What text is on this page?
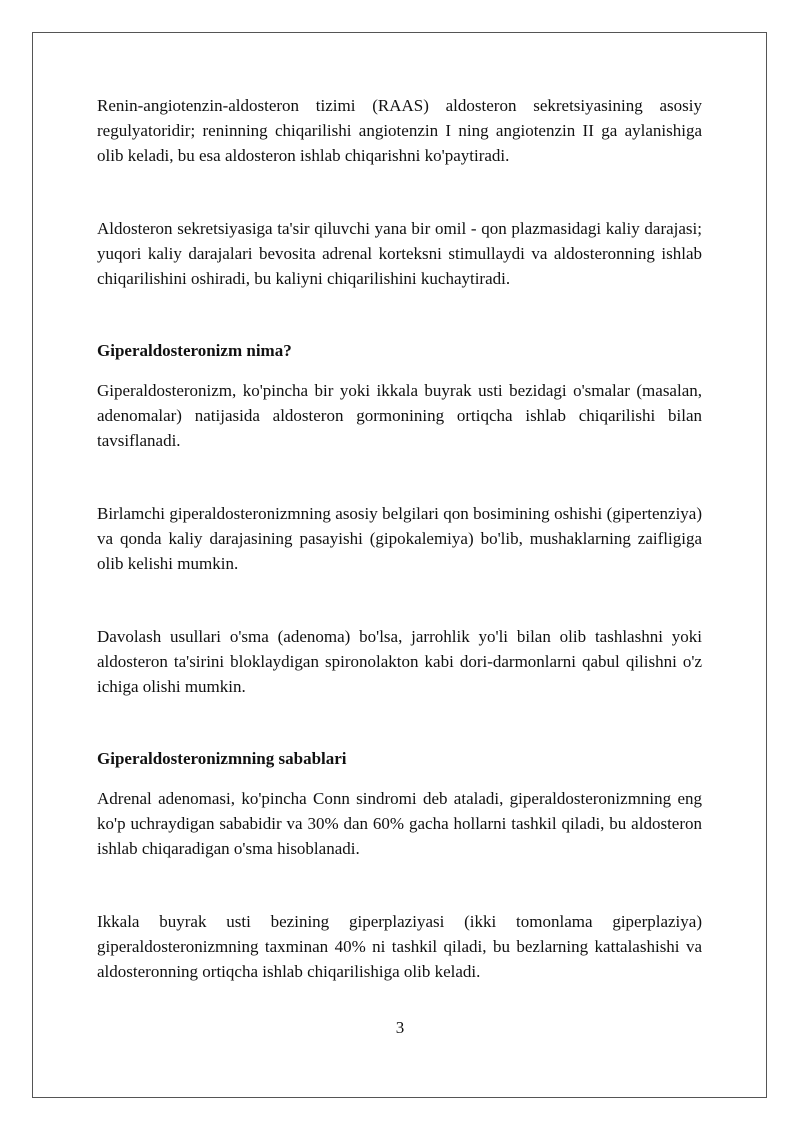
Renin-angiotenzin-aldosteron tizimi (RAAS) aldosteron sekretsiyasining asosiy regulyatoridir; reninning chiqarilishi angiotenzin I ning angiotenzin II ga aylanishiga olib keladi, bu esa aldosteron ishlab chiqarishni ko'paytiradi.

Aldosteron sekretsiyasiga ta'sir qiluvchi yana bir omil - qon plazmasidagi kaliy darajasi; yuqori kaliy darajalari bevosita adrenal korteksni stimullaydi va aldosteronning ishlab chiqarilishini oshiradi, bu kaliyni chiqarilishini kuchaytiradi.

Giperaldosteronizm nima?

Giperaldosteronizm, ko'pincha bir yoki ikkala buyrak usti bezidagi o'smalar (masalan, adenomalar) natijasida aldosteron gormonining ortiqcha ishlab chiqarilishi bilan tavsiflanadi.

Birlamchi giperaldosteronizmning asosiy belgilari qon bosimining oshishi (gipertenziya) va qonda kaliy darajasining pasayishi (gipokalemiya) bo'lib, mushaklarning zaifligiga olib kelishi mumkin.

Davolash usullari o'sma (adenoma) bo'lsa, jarrohlik yo'li bilan olib tashlashni yoki aldosteron ta'sirini bloklaydigan spironolakton kabi dori-darmonlarni qabul qilishni o'z ichiga olishi mumkin.

Giperaldosteronizmning sabablari

Adrenal adenomasi, ko'pincha Conn sindromi deb ataladi, giperaldosteronizmning eng ko'p uchraydigan sababidir va 30% dan 60% gacha hollarni tashkil qiladi, bu aldosteron ishlab chiqaradigan o'sma hisoblanadi.

Ikkala buyrak usti bezining giperplaziyasi (ikki tomonlama giperplaziya) giperaldosteronizmning taxminan 40% ni tashkil qiladi, bu bezlarning kattalashishi va aldosteronning ortiqcha ishlab chiqarilishiga olib keladi.

3
